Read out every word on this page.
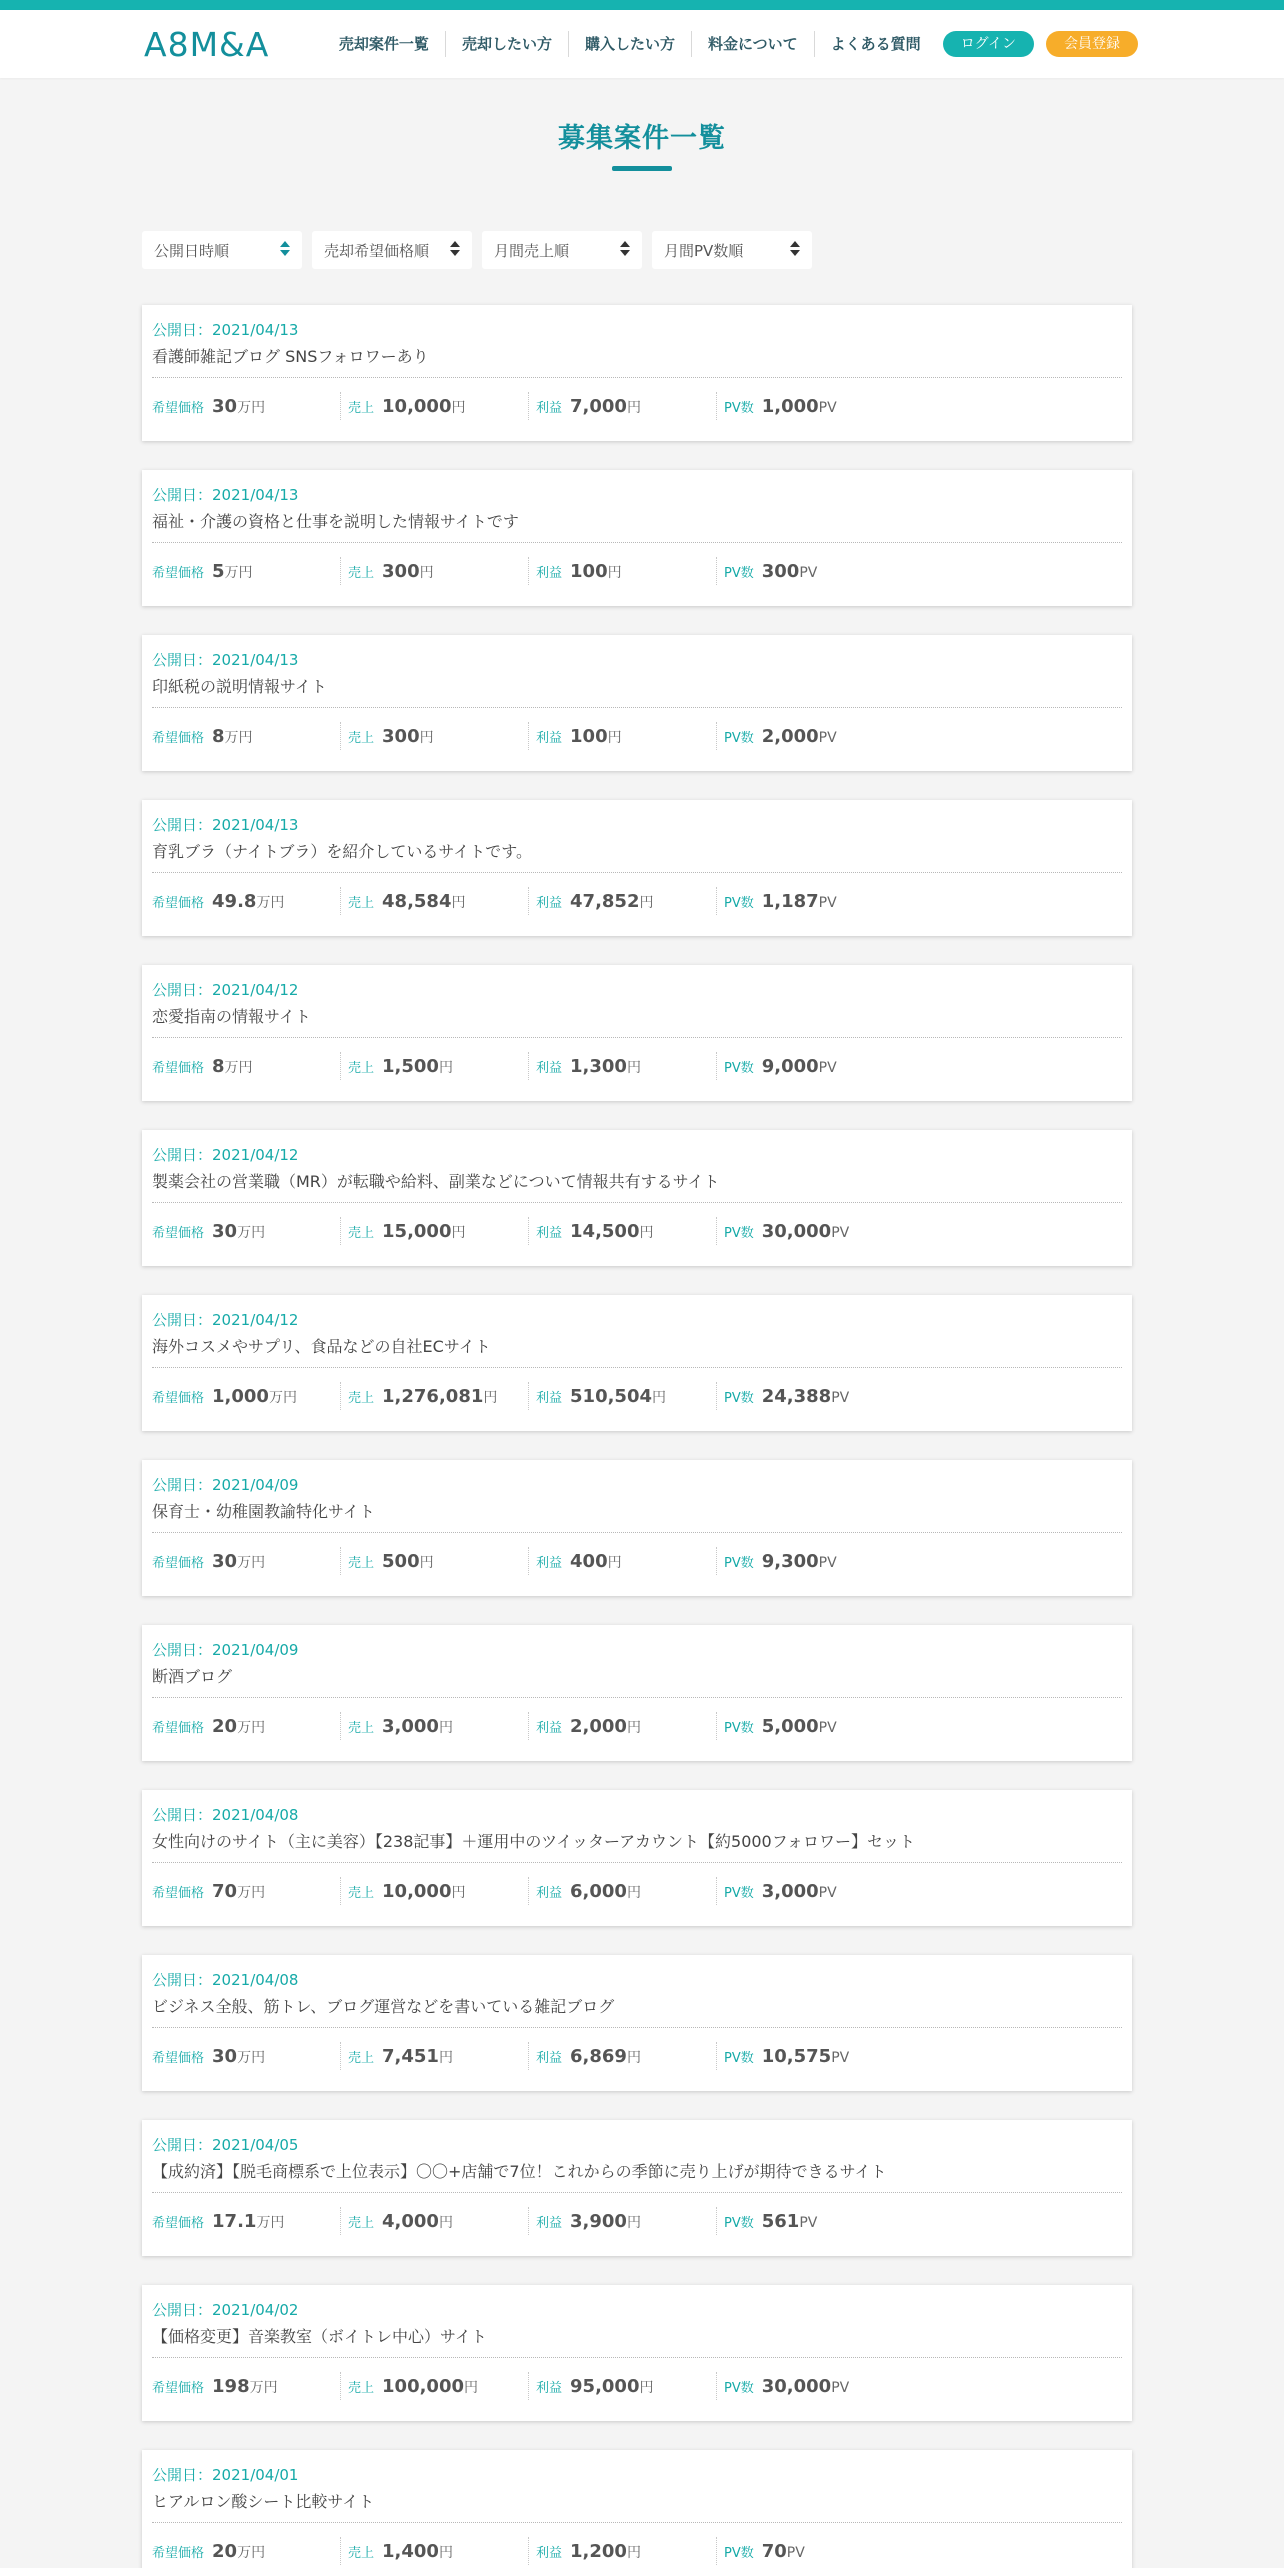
A8M&A	売却案件一覧	売却したい方	購入したい方	料金について	よくある質問	ログイン	会員登録
募集案件一覧
公開日時順	売却希望価格順	月間売上順	月間PV数順
公開日：2021/04/13
看護師雑記ブログ SNSフォロワーあり
希望価格 30 万円	売上 10,000 円	利益 7,000 円	PV数 1,000 PV
公開日：2021/04/13
福祉・介護の資格と仕事を説明した情報サイトです
希望価格 5 万円	売上 300 円	利益 100 円	PV数 300 PV
公開日：2021/04/13
印紙税の説明情報サイト
希望価格 8 万円	売上 300 円	利益 100 円	PV数 2,000 PV
公開日：2021/04/13
育乳ブラ（ナイトブラ）を紹介しているサイトです。
希望価格 49.8 万円	売上 48,584 円	利益 47,852 円	PV数 1,187 PV
公開日：2021/04/12
恋愛指南の情報サイト
希望価格 8 万円	売上 1,500 円	利益 1,300 円	PV数 9,000 PV
公開日：2021/04/12
製薬会社の営業職（MR）が転職や給料、副業などについて情報共有するサイト
希望価格 30 万円	売上 15,000 円	利益 14,500 円	PV数 30,000 PV
公開日：2021/04/12
海外コスメやサプリ、食品などの自社ECサイト
希望価格 1,000 万円	売上 1,276,081 円	利益 510,504 円	PV数 24,388 PV
公開日：2021/04/09
保育士・幼稚園教諭特化サイト
希望価格 30 万円	売上 500 円	利益 400 円	PV数 9,300 PV
公開日：2021/04/09
断酒ブログ
希望価格 20 万円	売上 3,000 円	利益 2,000 円	PV数 5,000 PV
公開日：2021/04/08
女性向けのサイト（主に美容）【238記事】＋運用中のツイッターアカウント【約5000フォロワー】セット
希望価格 70 万円	売上 10,000 円	利益 6,000 円	PV数 3,000 PV
公開日：2021/04/08
ビジネス全般、筋トレ、ブログ運営などを書いている雑記ブログ
希望価格 30 万円	売上 7,451 円	利益 6,869 円	PV数 10,575 PV
公開日：2021/04/05
【成約済】【脱毛商標系で上位表示】〇〇+店舗で7位！これからの季節に売り上げが期待できるサイト
希望価格 17.1 万円	売上 4,000 円	利益 3,900 円	PV数 561 PV
公開日：2021/04/02
【価格変更】音楽教室（ボイトレ中心）サイト
希望価格 198 万円	売上 100,000 円	利益 95,000 円	PV数 30,000 PV
公開日：2021/04/01
ヒアルロン酸シート比較サイト
希望価格 20 万円	売上 1,400 円	利益 1,200 円	PV数 70 PV
